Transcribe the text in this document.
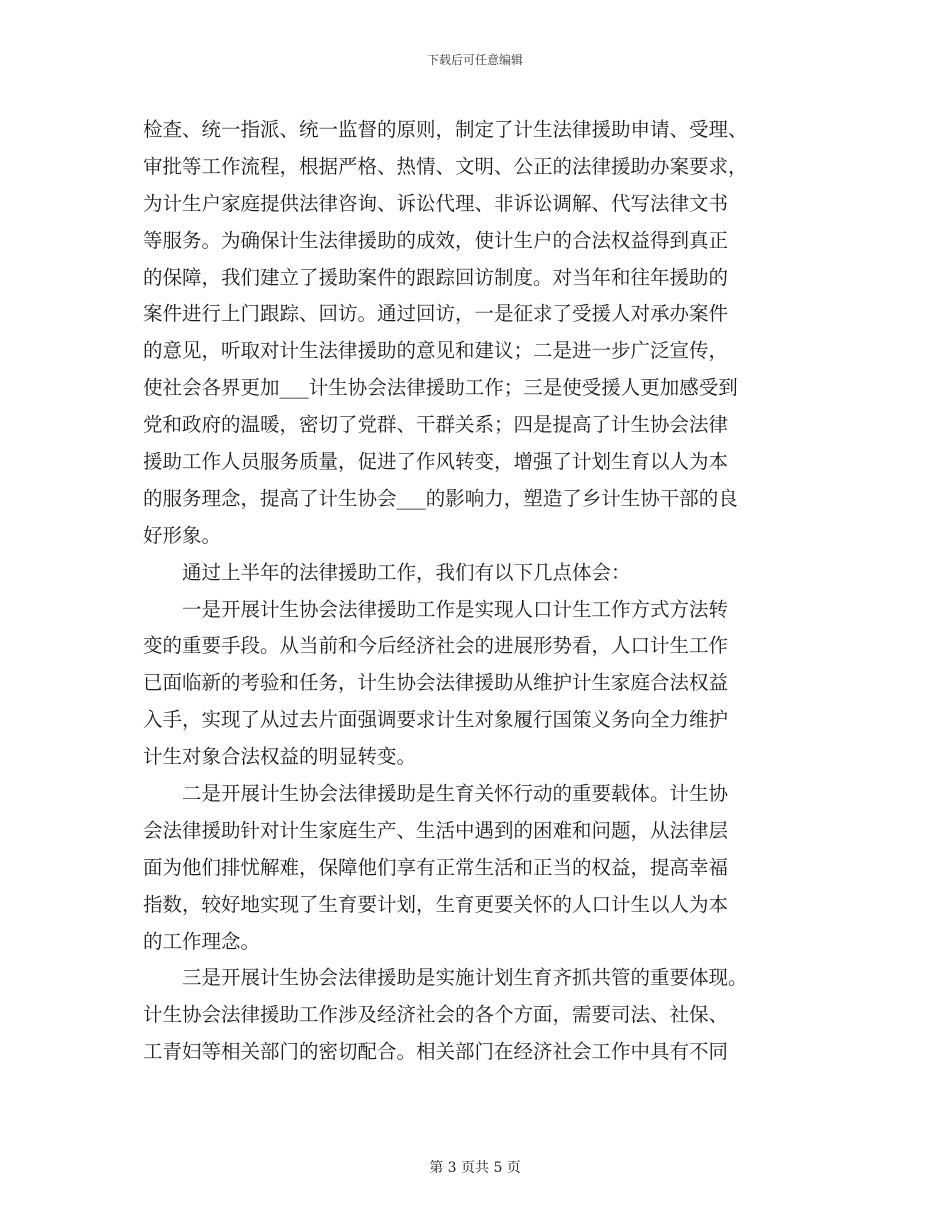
下载后可任意编辑
检查、统一指派、统一监督的原则，制定了计生法律援助申请、受理、
审批等工作流程，根据严格、热情、文明、公正的法律援助办案要求，
为计生户家庭提供法律咨询、诉讼代理、非诉讼调解、代写法律文书
等服务。为确保计生法律援助的成效，使计生户的合法权益得到真正
的保障，我们建立了援助案件的跟踪回访制度。对当年和往年援助的
案件进行上门跟踪、回访。通过回访，一是征求了受援人对承办案件
的意见，听取对计生法律援助的意见和建议；二是进一步广泛宣传，
使社会各界更加___计生协会法律援助工作；三是使受援人更加感受到
党和政府的温暖，密切了党群、干群关系；四是提高了计生协会法律
援助工作人员服务质量，促进了作风转变，增强了计划生育以人为本
的服务理念，提高了计生协会___的影响力，塑造了乡计生协干部的良
好形象。
　　通过上半年的法律援助工作，我们有以下几点体会：
　　一是开展计生协会法律援助工作是实现人口计生工作方式方法转
变的重要手段。从当前和今后经济社会的进展形势看，人口计生工作
已面临新的考验和任务，计生协会法律援助从维护计生家庭合法权益
入手，实现了从过去片面强调要求计生对象履行国策义务向全力维护
计生对象合法权益的明显转变。
　　二是开展计生协会法律援助是生育关怀行动的重要载体。计生协
会法律援助针对计生家庭生产、生活中遇到的困难和问题，从法律层
面为他们排忧解难，保障他们享有正常生活和正当的权益，提高幸福
指数，较好地实现了生育要计划，生育更要关怀的人口计生以人为本
的工作理念。
　　三是开展计生协会法律援助是实施计划生育齐抓共管的重要体现。
计生协会法律援助工作涉及经济社会的各个方面，需要司法、社保、
工青妇等相关部门的密切配合。相关部门在经济社会工作中具有不同
第 3 页共 5 页
